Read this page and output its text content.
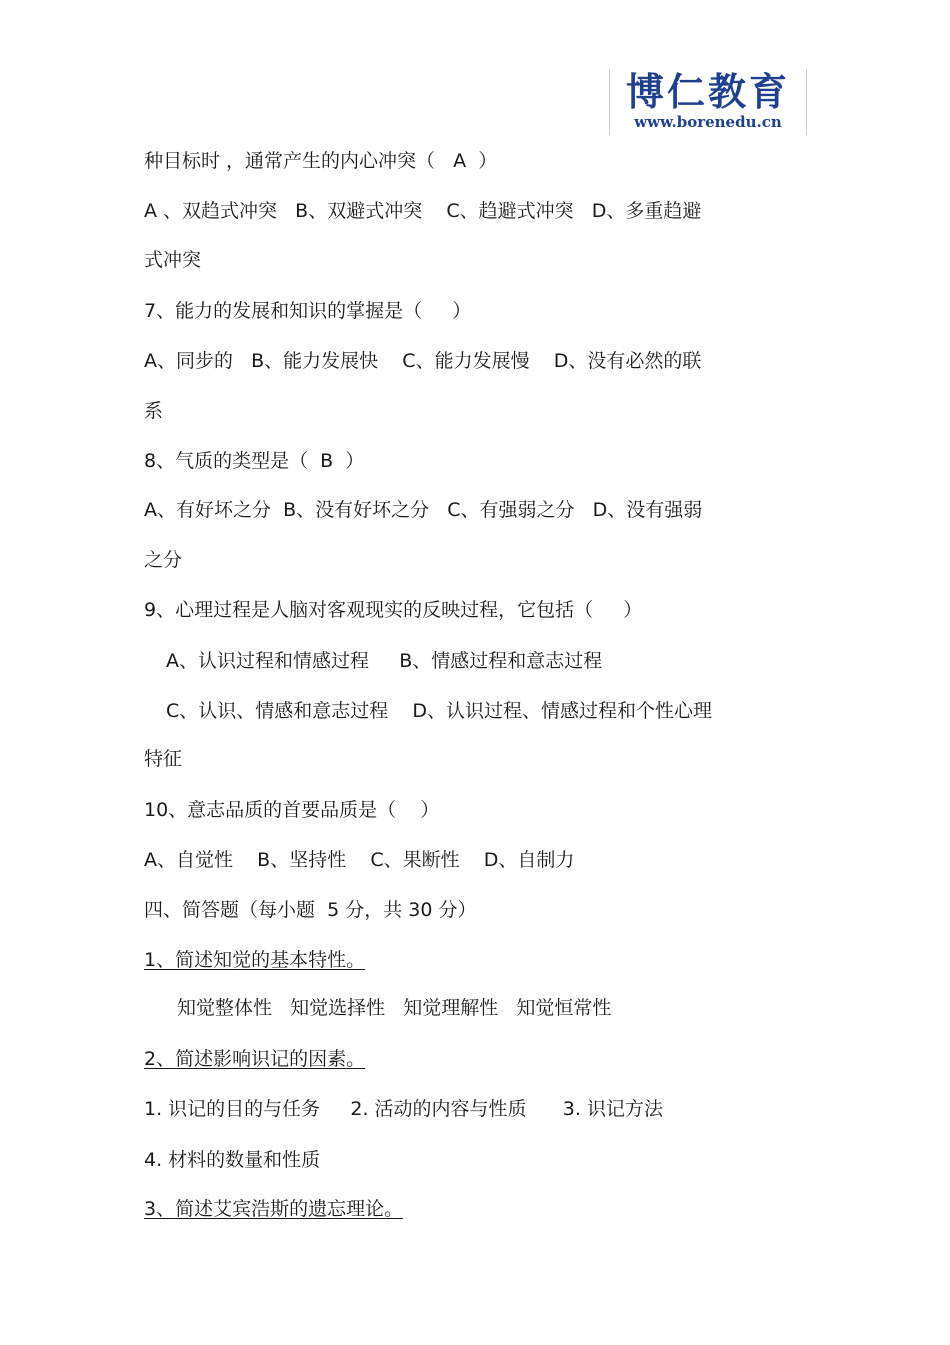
博仁教育
www.borenedu.cn
种目标时 ，通常产生的内心冲突（   A  ）
A 、双趋式冲突   B、双避式冲突    C、趋避式冲突   D、多重趋避
式冲突
7、能力的发展和知识的掌握是（     ）
A、同步的   B、能力发展快    C、能力发展慢    D、没有必然的联
系
8、气质的类型是（  B  ）
A、有好坏之分  B、没有好坏之分   C、有强弱之分   D、没有强弱
之分
9、心理过程是人脑对客观现实的反映过程，它包括（     ）
A、认识过程和情感过程     B、情感过程和意志过程
C、认识、情感和意志过程    D、认识过程、情感过程和个性心理
特征
10、意志品质的首要品质是（    ）
A、自觉性    B、坚持性    C、果断性    D、自制力
四、简答题（每小题  5 分，共 30 分）
1、简述知觉的基本特性。
知觉整体性   知觉选择性   知觉理解性   知觉恒常性
2、简述影响识记的因素。
1. 识记的目的与任务     2. 活动的内容与性质      3. 识记方法
4. 材料的数量和性质
3、简述艾宾浩斯的遗忘理论。
